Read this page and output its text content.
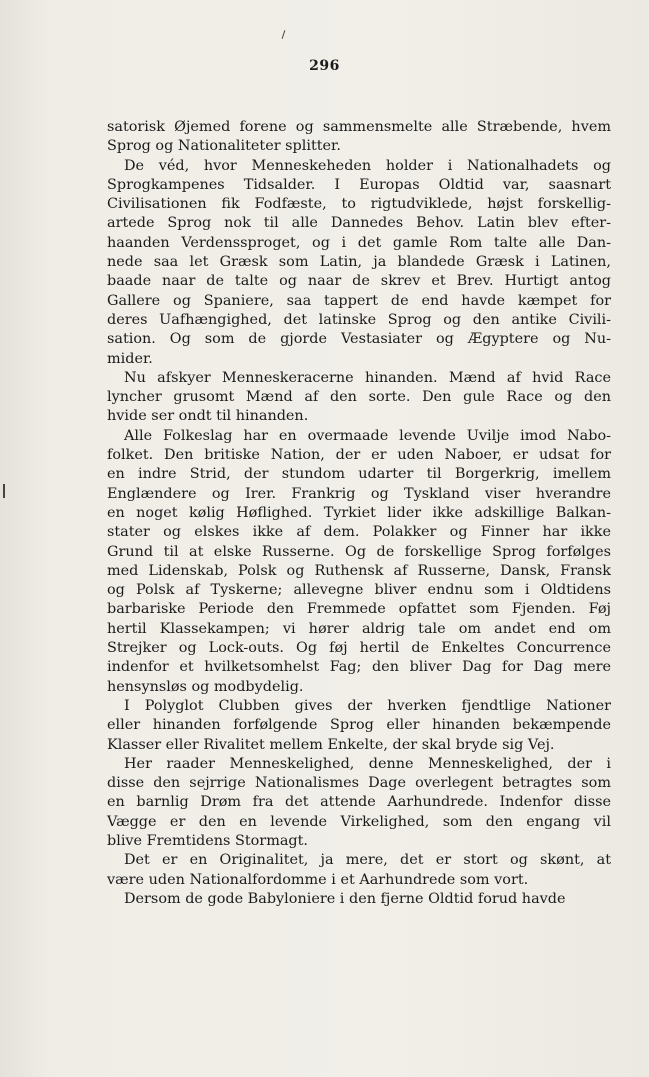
296
satorisk Øjemed forene og sammensmelte alle Stræbende, hvem
Sprog og Nationaliteter splitter.
De véd, hvor Menneskeheden holder i Nationalhadets og
Sprogkampenes Tidsalder. I Europas Oldtid var, saasnart
Civilisationen fik Fodfæste, to rigtudviklede, højst forskellig-
artede Sprog nok til alle Dannedes Behov. Latin blev efter-
haanden Verdenssproget, og i det gamle Rom talte alle Dan-
nede saa let Græsk som Latin, ja blandede Græsk i Latinen,
baade naar de talte og naar de skrev et Brev. Hurtigt antog
Gallere og Spaniere, saa tappert de end havde kæmpet for
deres Uafhængighed, det latinske Sprog og den antike Civili-
sation. Og som de gjorde Vestasiater og Ægyptere og Nu-
mider.
Nu afskyer Menneskeracerne hinanden. Mænd af hvid Race
lyncher grusomt Mænd af den sorte. Den gule Race og den
hvide ser ondt til hinanden.
Alle Folkeslag har en overmaade levende Uvilje imod Nabo-
folket. Den britiske Nation, der er uden Naboer, er udsat for
en indre Strid, der stundom udarter til Borgerkrig, imellem
Englændere og Irer. Frankrig og Tyskland viser hverandre
en noget kølig Høflighed. Tyrkiet lider ikke adskillige Balkan-
stater og elskes ikke af dem. Polakker og Finner har ikke
Grund til at elske Russerne. Og de forskellige Sprog forfølges
med Lidenskab, Polsk og Ruthensk af Russerne, Dansk, Fransk
og Polsk af Tyskerne; allevegne bliver endnu som i Oldtidens
barbariske Periode den Fremmede opfattet som Fjenden. Føj
hertil Klassekampen; vi hører aldrig tale om andet end om
Strejker og Lock-outs. Og føj hertil de Enkeltes Concurrence
indenfor et hvilketsomhelst Fag; den bliver Dag for Dag mere
hensynsløs og modbydelig.
I Polyglot Clubben gives der hverken fjendtlige Nationer
eller hinanden forfølgende Sprog eller hinanden bekæmpende
Klasser eller Rivalitet mellem Enkelte, der skal bryde sig Vej.
Her raader Menneskelighed, denne Menneskelighed, der i
disse den sejrrige Nationalismes Dage overlegent betragtes som
en barnlig Drøm fra det attende Aarhundrede. Indenfor disse
Vægge er den en levende Virkelighed, som den engang vil
blive Fremtidens Stormagt.
Det er en Originalitet, ja mere, det er stort og skønt, at
være uden Nationalfordomme i et Aarhundrede som vort.
Dersom de gode Babyloniere i den fjerne Oldtid forud havde
